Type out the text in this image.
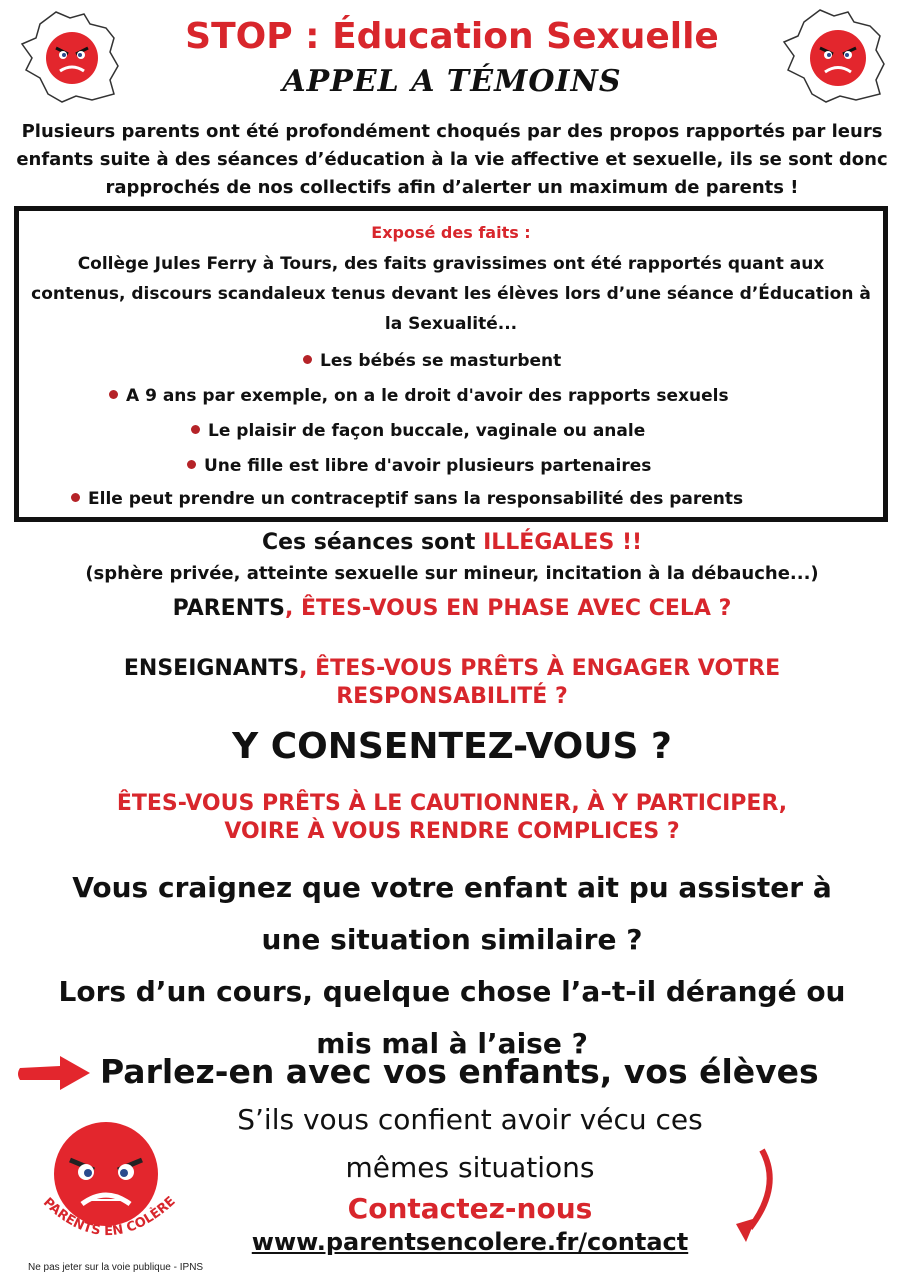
STOP : Éducation Sexuelle
APPEL A TÉMOINS
Plusieurs parents ont été profondément choqués par des propos rapportés par leurs enfants suite à des séances d’éducation à la vie affective et sexuelle, ils se sont donc rapprochés de nos collectifs afin d’alerter un maximum de parents !
Exposé des faits :
Collège Jules Ferry à Tours, des faits gravissimes ont été rapportés quant aux contenus, discours scandaleux tenus devant les élèves lors d’une séance d’Éducation à la Sexualité...
Les bébés se masturbent
A 9 ans par exemple, on a le droit d'avoir des rapports sexuels
Le plaisir de façon buccale, vaginale ou anale
Une fille est libre d'avoir plusieurs partenaires
Elle peut prendre un contraceptif sans la responsabilité des parents
Ces séances sont ILLÉGALES !!
(sphère privée, atteinte sexuelle sur mineur, incitation à la débauche...)
PARENTS, ÊTES-VOUS EN PHASE AVEC CELA ?
ENSEIGNANTS, ÊTES-VOUS PRÊTS À ENGAGER VOTRE
RESPONSABILITÉ ?
Y CONSENTEZ-VOUS ?
ÊTES-VOUS PRÊTS À LE CAUTIONNER, À Y PARTICIPER,
VOIRE À VOUS RENDRE COMPLICES ?
Vous craignez que votre enfant ait pu assister à
une situation similaire ?
Lors d’un cours, quelque chose l’a-t-il dérangé ou
mis mal à l’aise ?
Parlez-en avec vos enfants, vos élèves
S’ils vous confient avoir vécu ces
mêmes situations
Contactez-nous
www.parentsencolere.fr/contact
PARENTS EN COLÈRE
Ne pas jeter sur la voie publique - IPNS
